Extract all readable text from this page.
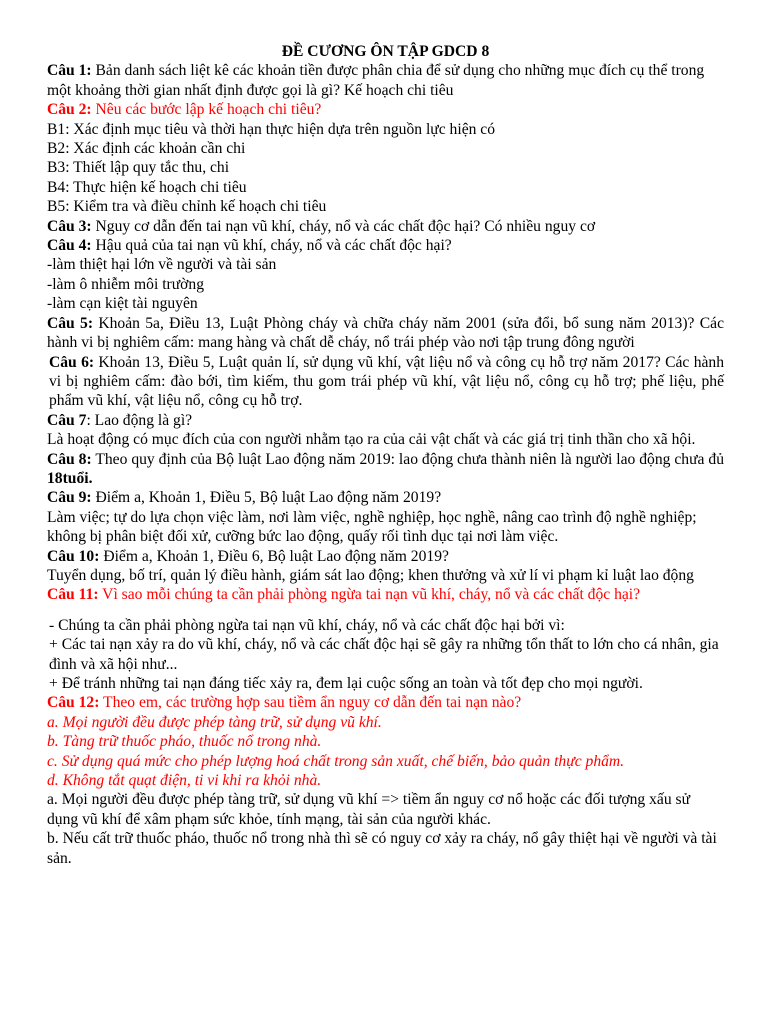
ĐỀ CƯƠNG ÔN TẬP GDCD 8
Câu 1: Bản danh sách liệt kê các khoản tiền được phân chia để sử dụng cho những mục đích cụ thể trong một khoảng thời gian nhất định được gọi là gì? Kế hoạch chi tiêu
Câu 2: Nêu các bước lập kế hoạch chi tiêu?
B1: Xác định mục tiêu và thời hạn thực hiện dựa trên nguồn lực hiện có
B2: Xác định các khoản cần chi
B3: Thiết lập quy tắc thu, chi
B4: Thực hiện kế hoạch chi tiêu
B5: Kiểm tra và điều chỉnh kế hoạch chi tiêu
Câu 3: Nguy cơ dẫn đến tai nạn vũ khí, cháy, nổ và các chất độc hại? Có nhiều nguy cơ
Câu 4: Hậu quả của tai nạn vũ khí, cháy, nổ và các chất độc hại?
-làm thiệt hại lớn về người và tài sản
-làm ô nhiễm môi trường
-làm cạn kiệt tài nguyên
Câu 5: Khoản 5a, Điều 13, Luật Phòng cháy và chữa cháy năm 2001 (sửa đổi, bổ sung năm 2013)? Các hành vi bị nghiêm cấm: mang hàng và chất dễ cháy, nổ trái phép vào nơi tập trung đông người
Câu 6: Khoản 13, Điều 5, Luật quản lí, sử dụng vũ khí, vật liệu nổ và công cụ hỗ trợ năm 2017? Các hành vi bị nghiêm cấm: đào bới, tìm kiếm, thu gom trái phép vũ khí, vật liệu nổ, công cụ hỗ trợ; phế liệu, phế phẩm vũ khí, vật liệu nổ, công cụ hỗ trợ.
Câu 7: Lao động là gì?
Là hoạt động có mục đích của con người nhằm tạo ra của cải vật chất và các giá trị tinh thần cho xã hội.
Câu 8: Theo quy định của Bộ luật Lao động năm 2019: lao động chưa thành niên là người lao động chưa đủ 18tuổi.
Câu 9: Điểm a, Khoản 1, Điều 5, Bộ luật Lao động năm 2019?
Làm việc; tự do lựa chọn việc làm, nơi làm việc, nghề nghiệp, học nghề, nâng cao trình độ nghề nghiệp; không bị phân biệt đối xử, cưỡng bức lao động, quấy rối tình dục tại nơi làm việc.
Câu 10: Điểm a, Khoản 1, Điều 6, Bộ luật Lao động năm 2019?
Tuyển dụng, bố trí, quản lý điều hành, giám sát lao động; khen thưởng và xử lí vi phạm kỉ luật lao động
Câu 11: Vì sao mỗi chúng ta cần phải phòng ngừa tai nạn vũ khí, cháy, nổ và các chất độc hại?
- Chúng ta cần phải phòng ngừa tai nạn vũ khí, cháy, nổ và các chất độc hại bởi vì:
+ Các tai nạn xảy ra do vũ khí, cháy, nổ và các chất độc hại sẽ gây ra những tổn thất to lớn cho cá nhân, gia đình và xã hội như...
+ Để tránh những tai nạn đáng tiếc xảy ra, đem lại cuộc sống an toàn và tốt đẹp cho mọi người.
Câu 12: Theo em, các trường hợp sau tiềm ẩn nguy cơ dẫn đến tai nạn nào?
a. Mọi người đều được phép tàng trữ, sử dụng vũ khí.
b. Tàng trữ thuốc pháo, thuốc nổ trong nhà.
c. Sử dụng quá mức cho phép lượng hoá chất trong sản xuất, chế biến, bảo quản thực phẩm.
d. Không tắt quạt điện, ti vi khi ra khỏi nhà.
a. Mọi người đều được phép tàng trữ, sử dụng vũ khí => tiềm ẩn nguy cơ nổ hoặc các đối tượng xấu sử dụng vũ khí để xâm phạm sức khỏe, tính mạng, tài sản của người khác.
b. Nếu cất trữ thuốc pháo, thuốc nổ trong nhà thì sẽ có nguy cơ xảy ra cháy, nổ gây thiệt hại về người và tài sản.
